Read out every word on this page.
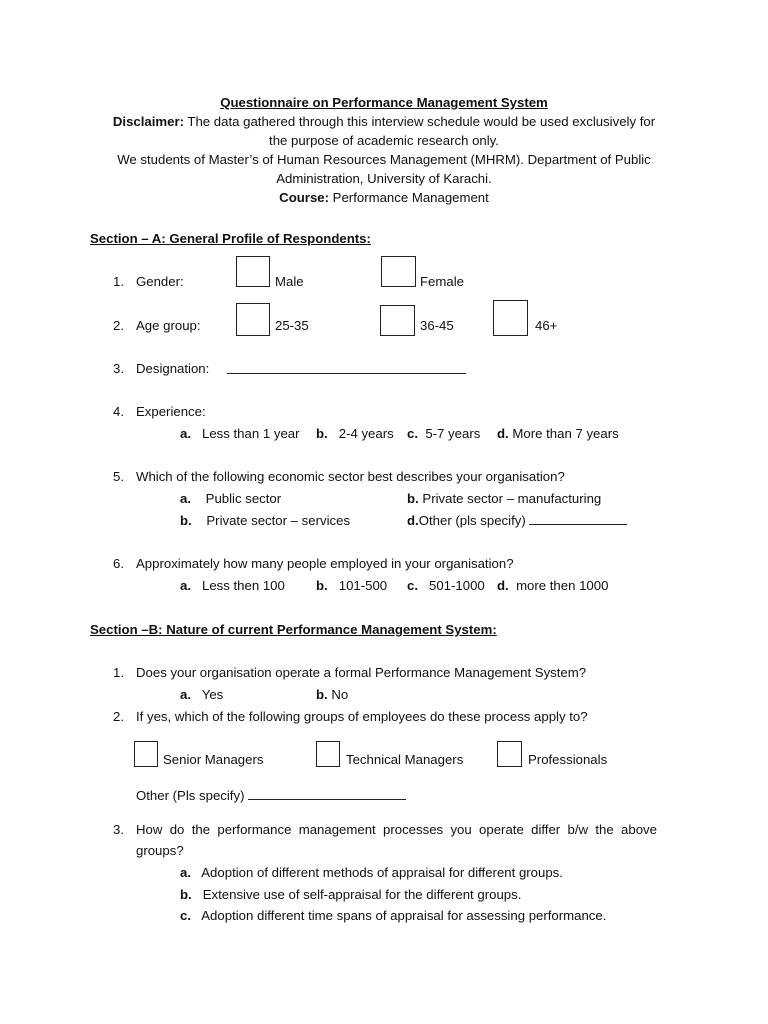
Questionnaire on Performance Management System
Disclaimer: The data gathered through this interview schedule would be used exclusively for
the purpose of academic research only.
We students of Master’s of Human Resources Management (MHRM). Department of Public
Administration, University of Karachi.
Course: Performance Management
Section – A: General Profile of Respondents:
1. Gender:	Male	Female
2. Age group:	25-35	36-45	46+
3. Designation:
4. Experience:
a. Less than 1 year b. 2-4 years c. 5-7 years d. More than 7 years
5. Which of the following economic sector best describes your organisation?
a. Public sector	b. Private sector – manufacturing
b. Private sector – services	d.Other (pls specify)
6. Approximately how many people employed in your organisation?
a. Less then 100 b. 101-500 c. 501-1000 d. more then 1000
Section –B: Nature of current Performance Management System:
1. Does your organisation operate a formal Performance Management System?
a. Yes	b. No
2. If yes, which of the following groups of employees do these process apply to?
Senior Managers	Technical Managers	Professionals
Other (Pls specify)
3. How  do  the  performance  management  processes  you  operate  differ  b/w  the  above
groups?
a. Adoption of different methods of appraisal for different groups.
b. Extensive use of self-appraisal for the different groups.
c. Adoption different time spans of appraisal for assessing performance.
